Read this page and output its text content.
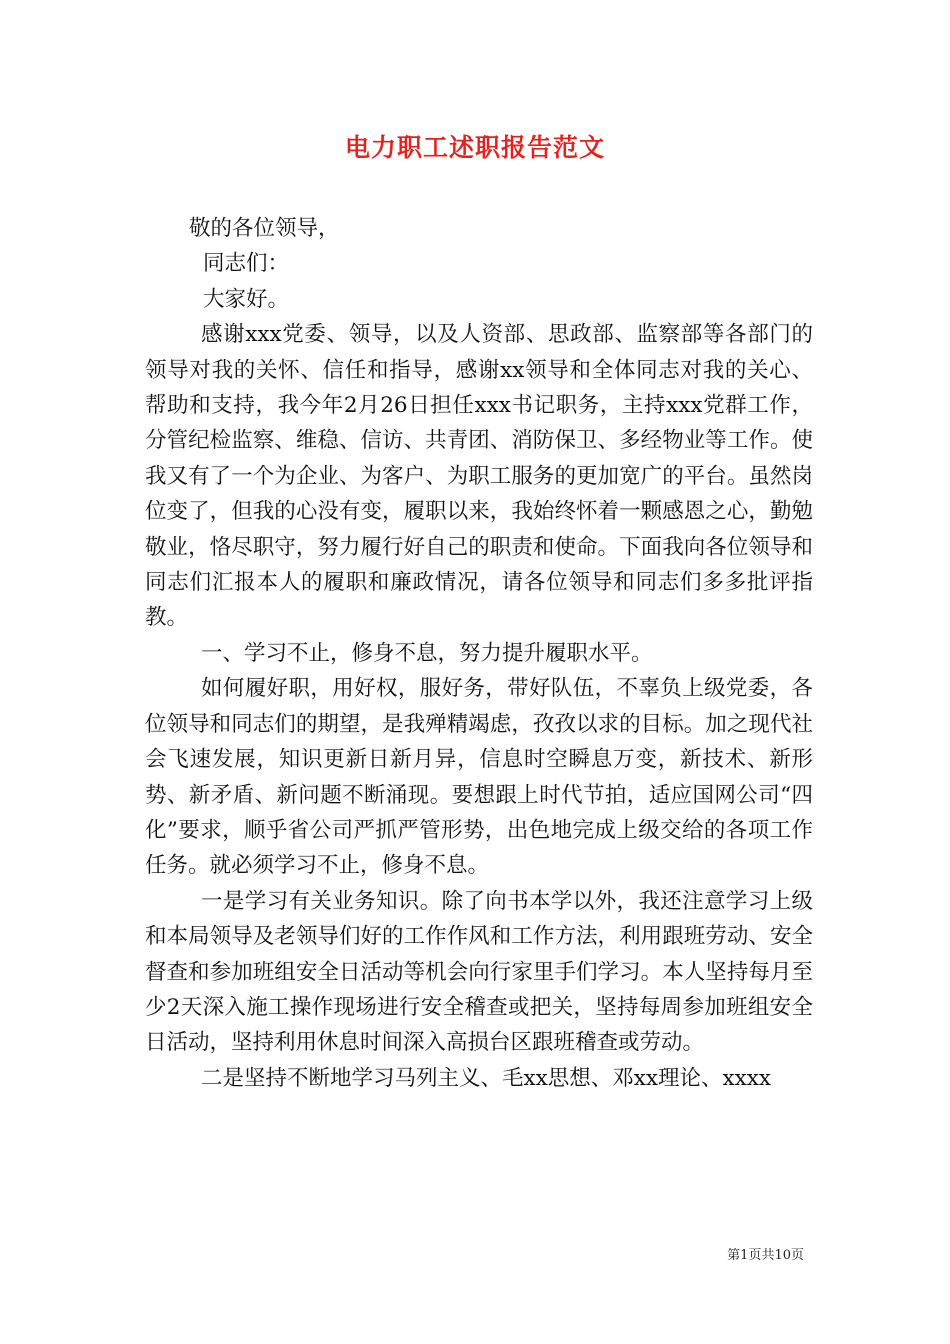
电力职工述职报告范文

敬的各位领导，

同志们：

大家好。

感谢xxx党委、领导，以及人资部、思政部、监察部等各部门的领导对我的关怀、信任和指导，感谢xx领导和全体同志对我的关心、帮助和支持，我今年2月26日担任xxx书记职务，主持xxx党群工作，分管纪检监察、维稳、信访、共青团、消防保卫、多经物业等工作。使我又有了一个为企业、为客户、为职工服务的更加宽广的平台。虽然岗位变了，但我的心没有变，履职以来，我始终怀着一颗感恩之心，勤勉敬业，恪尽职守，努力履行好自己的职责和使命。下面我向各位领导和同志们汇报本人的履职和廉政情况，请各位领导和同志们多多批评指教。

一、学习不止，修身不息，努力提升履职水平。

如何履好职，用好权，服好务，带好队伍，不辜负上级党委，各位领导和同志们的期望，是我殚精竭虑，孜孜以求的目标。加之现代社会飞速发展，知识更新日新月异，信息时空瞬息万变，新技术、新形势、新矛盾、新问题不断涌现。要想跟上时代节拍，适应国网公司“四化”要求，顺乎省公司严抓严管形势，出色地完成上级交给的各项工作任务。就必须学习不止，修身不息。

一是学习有关业务知识。除了向书本学以外，我还注意学习上级和本局领导及老领导们好的工作作风和工作方法，利用跟班劳动、安全督查和参加班组安全日活动等机会向行家里手们学习。本人坚持每月至少2天深入施工操作现场进行安全稽查或把关，坚持每周参加班组安全日活动，坚持利用休息时间深入高损台区跟班稽查或劳动。

二是坚持不断地学习马列主义、毛xx思想、邓xx理论、xxxx

第1页共10页
